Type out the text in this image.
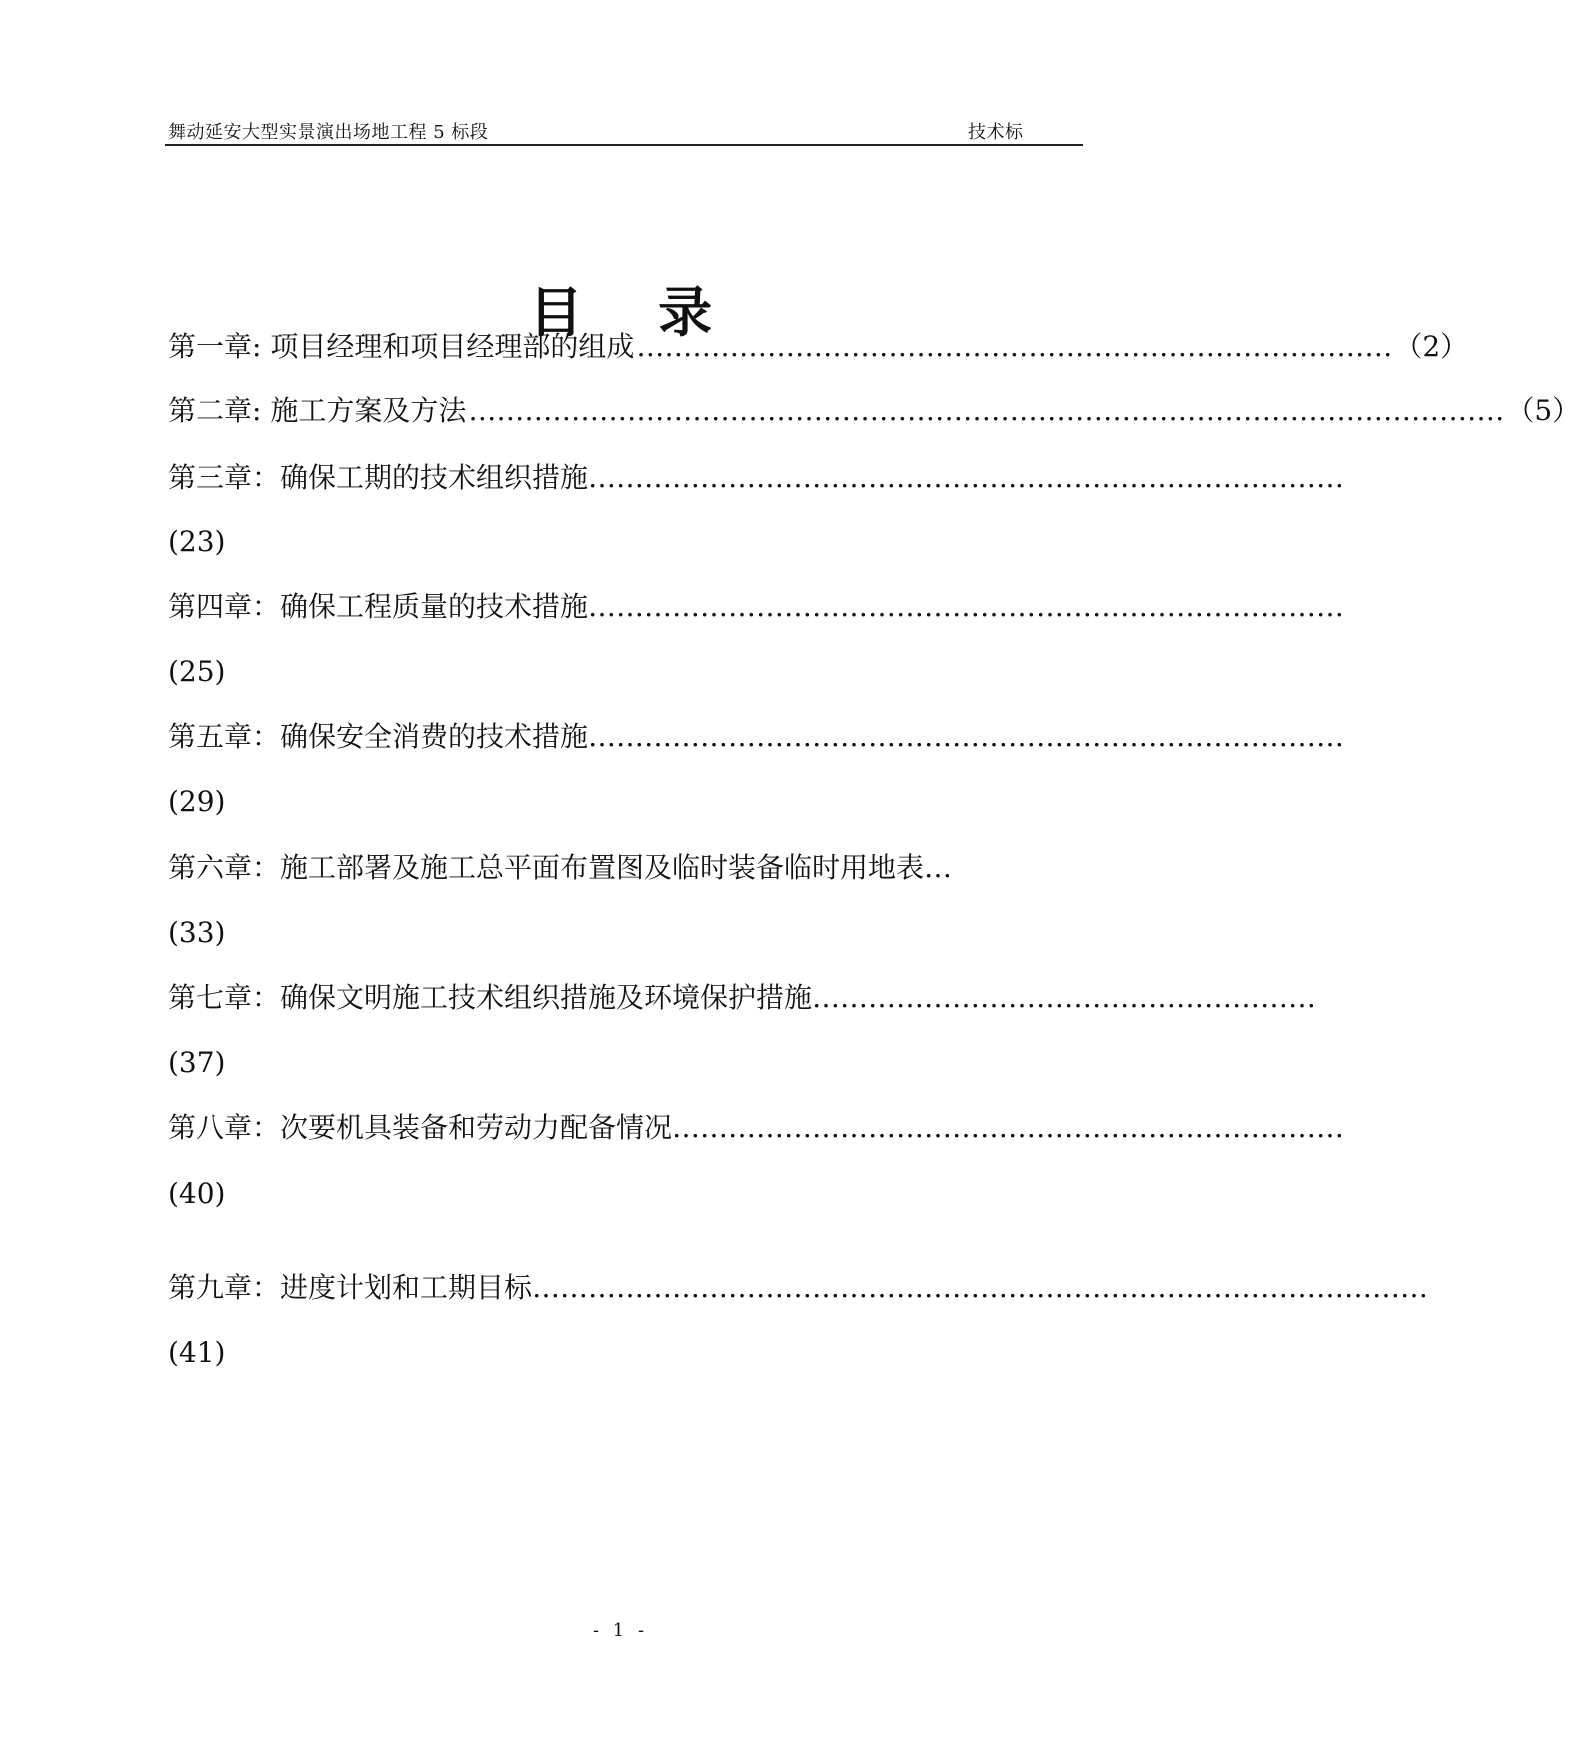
舞动延安大型实景演出场地工程 5 标段	技术标
目    录
第一章: 项目经理和项目经理部的组成 ……………………………………………………………………… （2）
第二章: 施工方案及方法 ………………………………………………………………………………………………… （5）
第三章：确保工期的技术组织措施 ………………………………………………………………………
(23)
第四章：确保工程质量的技术措施 ………………………………………………………………………
(25)
第五章：确保安全消费的技术措施 ………………………………………………………………………
(29)
第六章：施工部署及施工总平面布置图及临时装备临时用地表 …
(33)
第七章：确保文明施工技术组织措施及环境保护措施 ………………………………………………
(37)
第八章：次要机具装备和劳动力配备情况 ………………………………………………………………
(40)
第九章：进度计划和工期目标 ……………………………………………………………………………………
(41)
- 1 -
